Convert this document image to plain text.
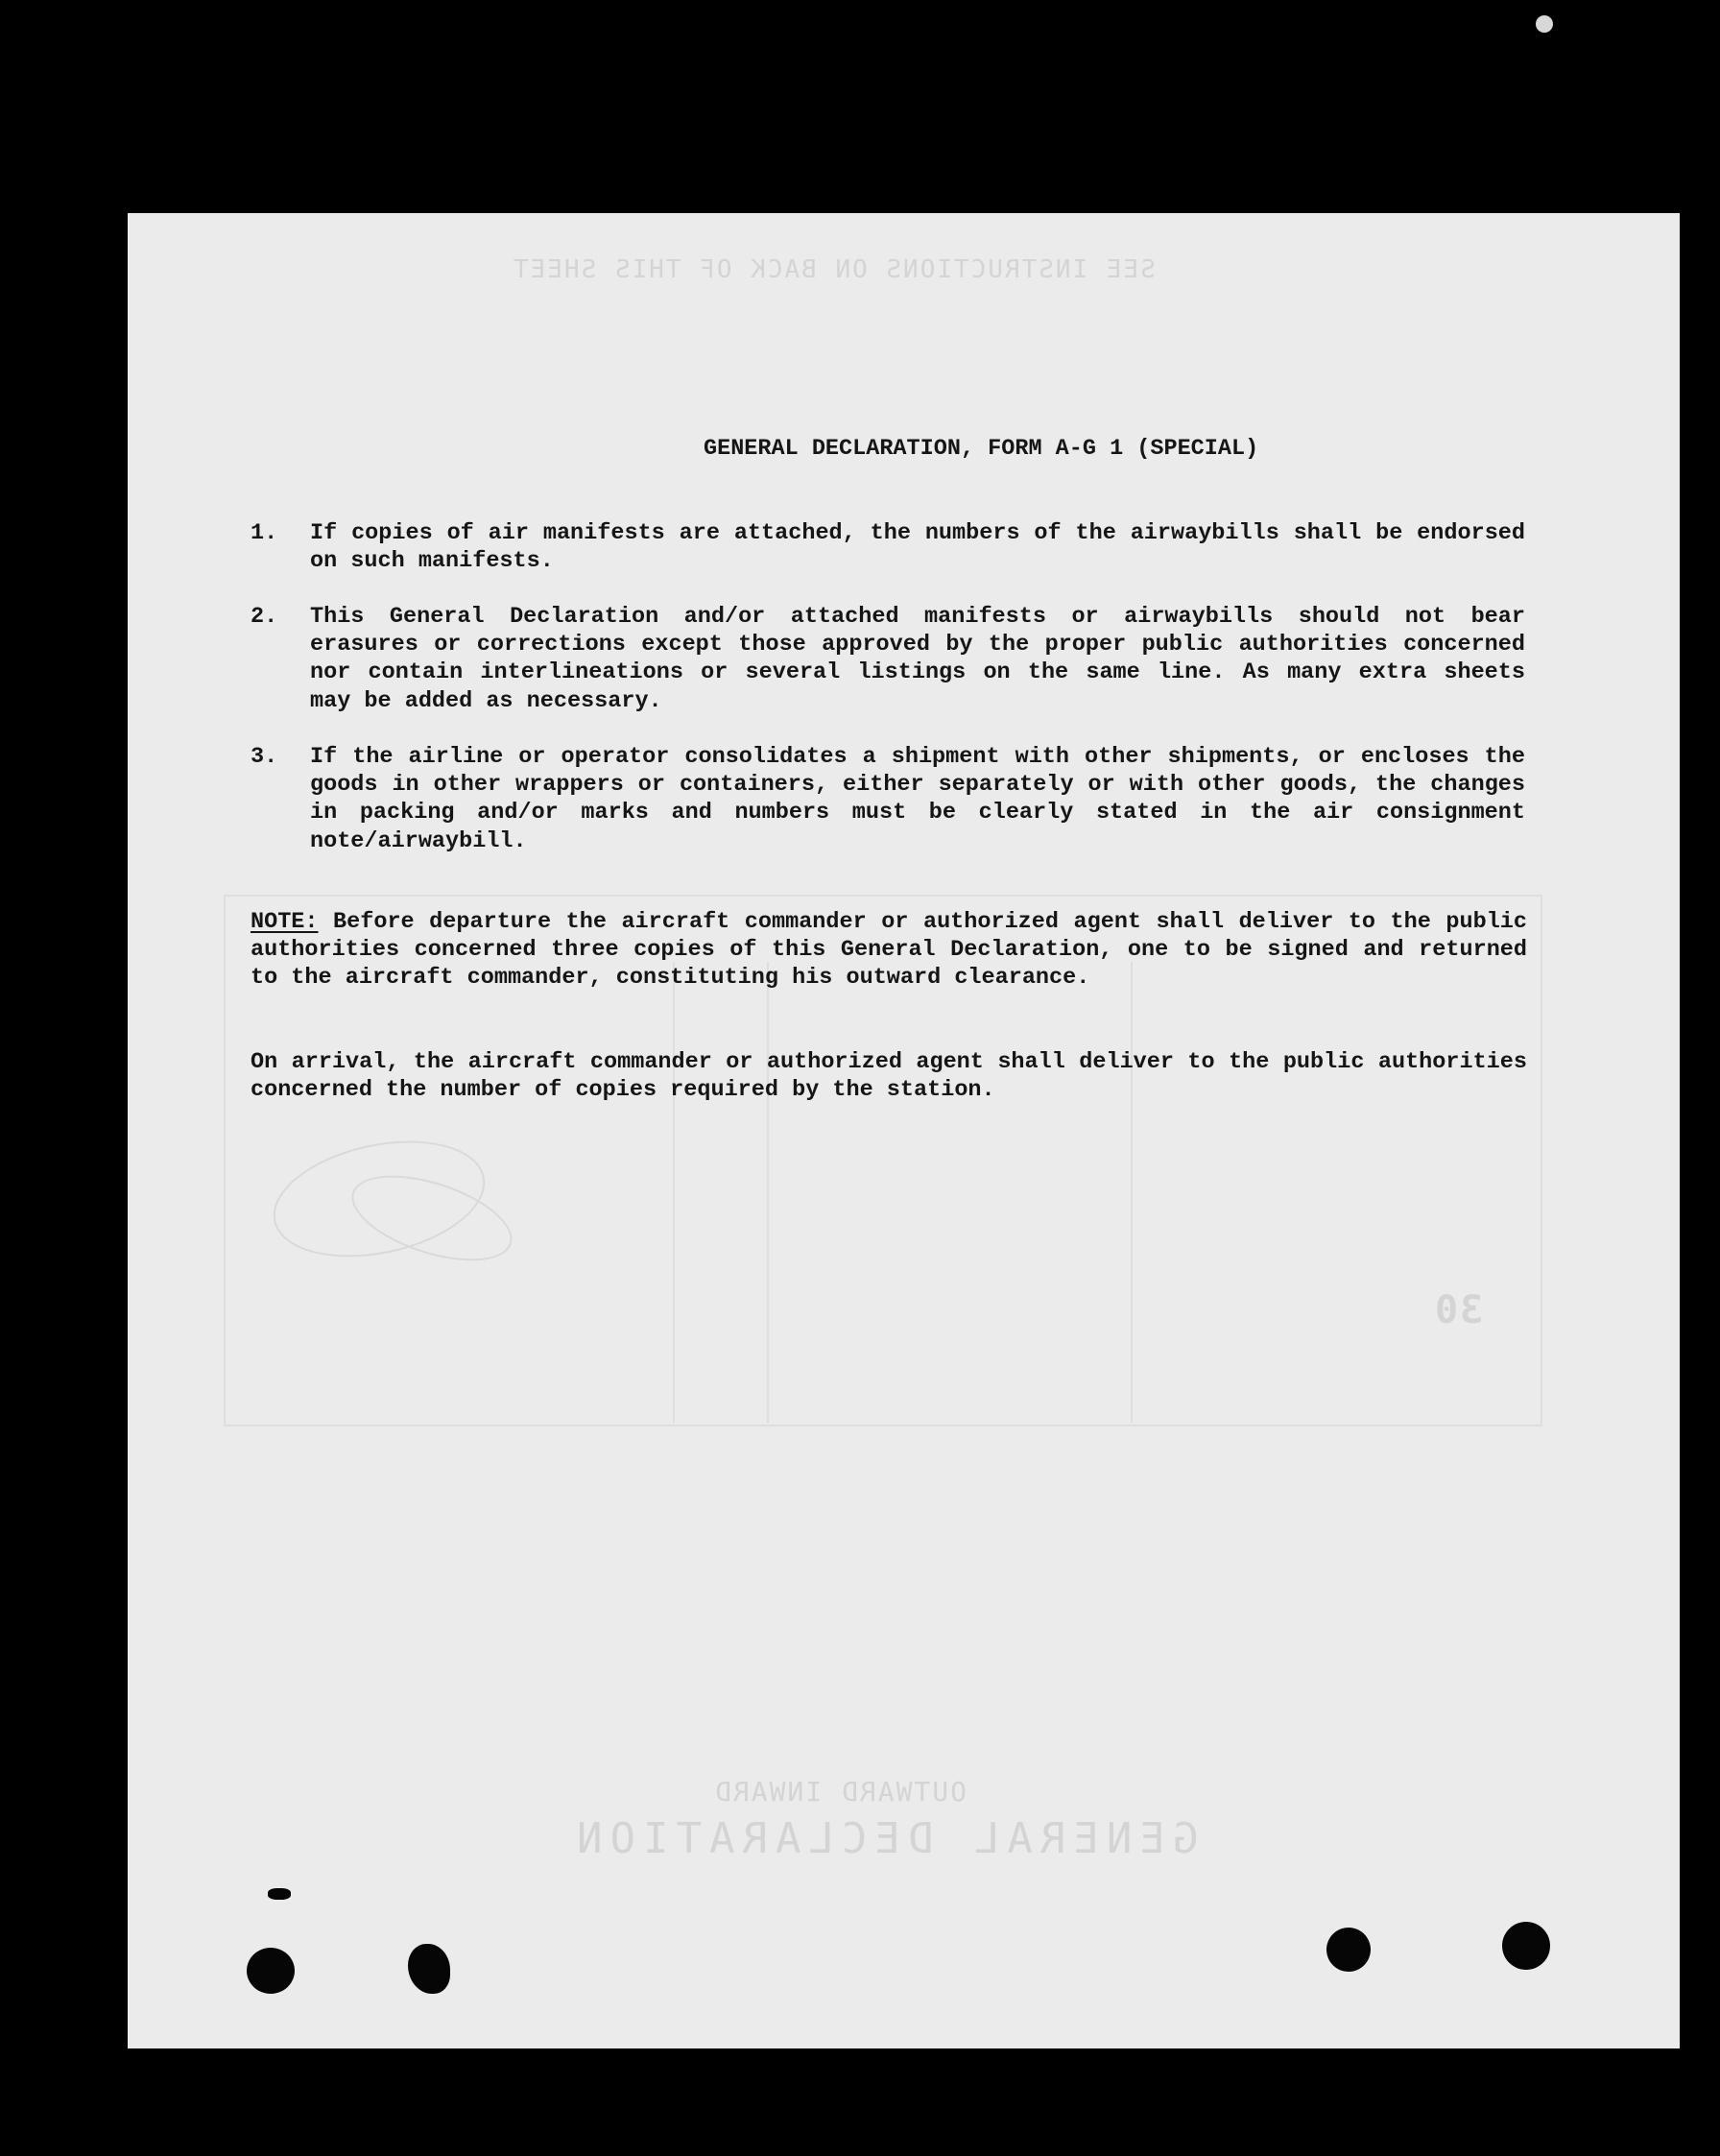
SEE INSTRUCTIONS ON BACK OF THIS SHEET
GENERAL DECLARATION
OUTWARD INWARD
30
GENERAL DECLARATION, FORM A-G 1 (SPECIAL)
1. If copies of air manifests are attached, the numbers of the airwaybills shall be endorsed on such manifests.
2. This General Declaration and/or attached manifests or airwaybills should not bear erasures or corrections except those approved by the proper public authorities concerned nor contain interlineations or several listings on the same line. As many extra sheets may be added as necessary.
3. If the airline or operator consolidates a shipment with other shipments, or encloses the goods in other wrappers or containers, either separately or with other goods, the changes in packing and/or marks and numbers must be clearly stated in the air consignment note/airwaybill.
NOTE: Before departure the aircraft commander or authorized agent shall deliver to the public authorities concerned three copies of this General Declaration, one to be signed and returned to the aircraft commander, constituting his outward clearance.
On arrival, the aircraft commander or authorized agent shall deliver to the public authorities concerned the number of copies required by the station.
